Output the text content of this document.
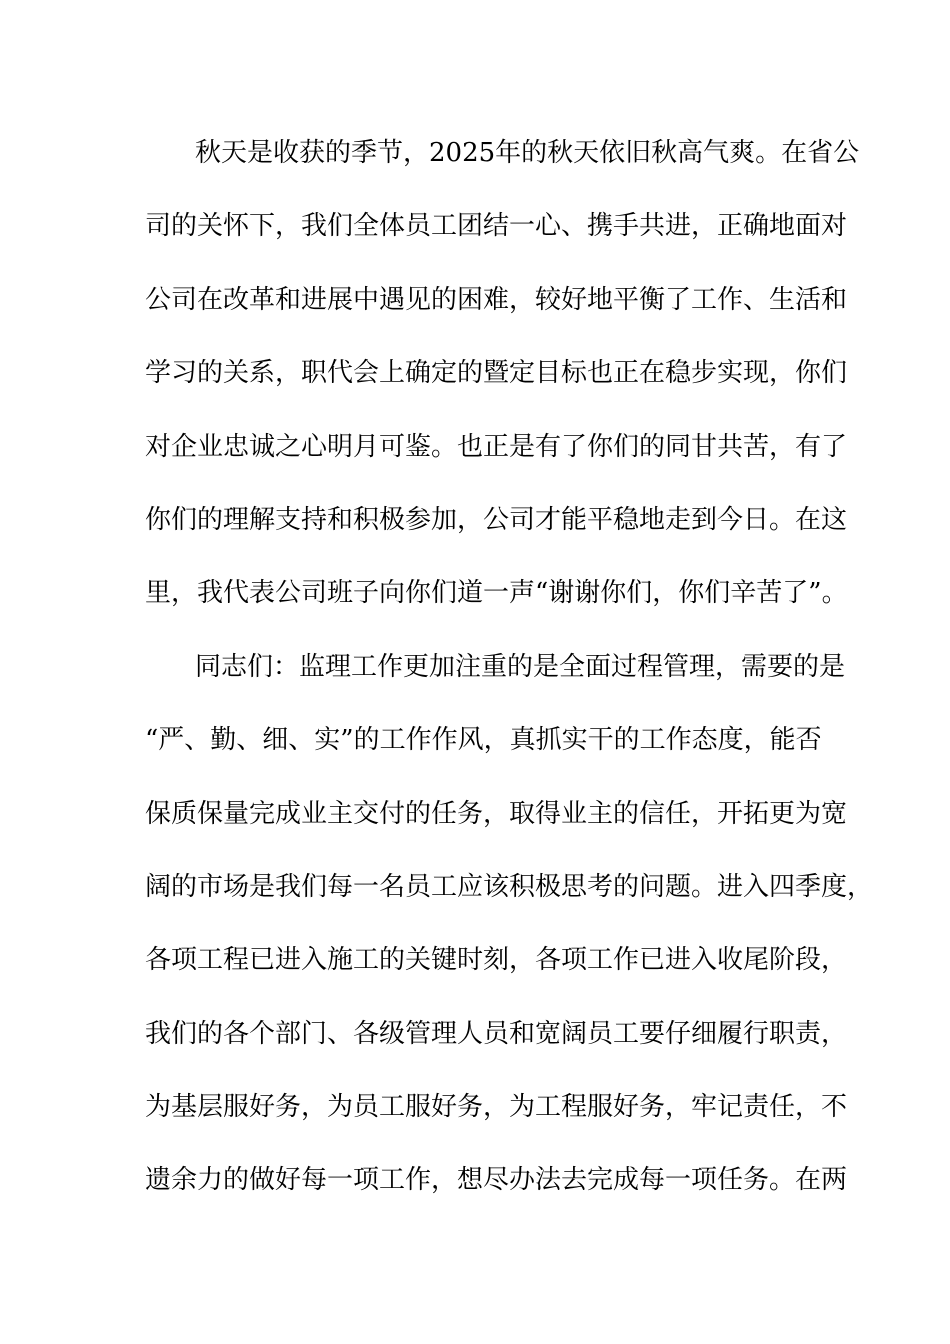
秋天是收获的季节，2025年的秋天依旧秋高气爽。在省公
司的关怀下，我们全体员工团结一心、携手共进，正确地面对
公司在改革和进展中遇见的困难，较好地平衡了工作、生活和
学习的关系，职代会上确定的暨定目标也正在稳步实现，你们
对企业忠诚之心明月可鉴。也正是有了你们的同甘共苦，有了
你们的理解支持和积极参加，公司才能平稳地走到今日。在这
里，我代表公司班子向你们道一声“谢谢你们，你们辛苦了”。
同志们：监理工作更加注重的是全面过程管理，需要的是
“严、勤、细、实”的工作作风，真抓实干的工作态度，能否
保质保量完成业主交付的任务，取得业主的信任，开拓更为宽
阔的市场是我们每一名员工应该积极思考的问题。进入四季度，
各项工程已进入施工的关键时刻，各项工作已进入收尾阶段，
我们的各个部门、各级管理人员和宽阔员工要仔细履行职责，
为基层服好务，为员工服好务，为工程服好务，牢记责任，不
遗余力的做好每一项工作，想尽办法去完成每一项任务。在两
